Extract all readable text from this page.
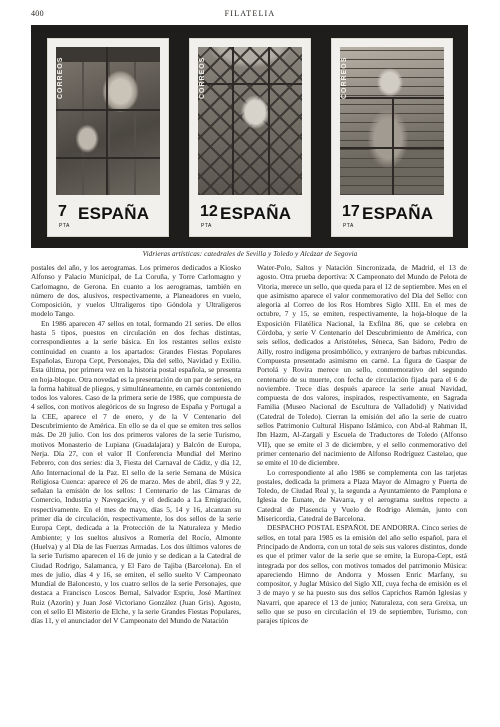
400	FILATELIA
CORREOS
7
PTA
ESPAÑA
CORREOS
12
PTA
ESPAÑA
CORREOS
17
PTA
ESPAÑA
Vidrieras artísticas: catedrales de Sevilla y Toledo y Alcázar de Segovia

postales del año, y los aerogramas. Los primeros dedicados a Kiosko Alfonso y Palacio Municipal, de La Coruña, y Torre Carlomagno y Carlomagno, de Gerona. En cuanto a los aerogramas, también en número de dos, alusivos, respectivamente, a Planeadores en vuelo, Composición, y vuelos Ultraligeros tipo Góndola y Ultraligeros modelo Tango.

En 1986 aparecen 47 sellos en total, formando 21 series. De ellos hasta 5 tipos, puestos en circulación en dos fechas distintas, correspondientes a la serie básica. En los restantes sellos existe continuidad en cuanto a los apartados: Grandes Fiestas Populares Españolas, Europa Cept, Personajes, Día del sello, Navidad y Exilio. Esta última, por primera vez en la historia postal española, se presenta en hoja-bloque. Otra novedad es la presentación de un par de series, en la forma habitual de pliegos, y simultáneamente, en carnés conteniendo todos los valores. Caso de la primera serie de 1986, que compuesta de 4 sellos, con motivos alegóricos de su Ingreso de España y Portugal a la CEE, aparece el 7 de enero, y de la V Centenario del Descubrimiento de América. En ello se da el que se emiten tres sellos más. De 20 julio. Con los dos primeros valores de la serie Turismo, motivos Monasterio de Lupiana (Guadalajara) y Balcón de Europa, Nerja. Día 27, con el valor II Conferencia Mundial del Merino Febrero, con dos series: día 3, Fiesta del Carnaval de Cádiz, y día 12, Año Internacional de la Paz. El sello de la serie Semana de Música Religiosa Cuenca: aparece el 26 de marzo. Mes de abril, días 9 y 22, señalan la emisión de los sellos: I Centenario de las Cámaras de Comercio, Industria y Navegación, y el dedicado a La Emigración, respectivamente. En el mes de mayo, días 5, 14 y 16, alcanzan su primer día de circulación, respectivamente, los dos sellos de la serie Europa Cept, dedicada a la Protección de la Naturaleza y Medio Ambiente; y los sueltos alusivos a Romería del Rocío, Almonte (Huelva) y al Día de las Fuerzas Armadas. Los dos últimos valores de la serie Turismo aparecen el 16 de junio y se dedican a la Catedral de Ciudad Rodrigo, Salamanca, y El Faro de Tajiba (Barcelona). En el mes de julio, días 4 y 16, se emiten, el sello suelto V Campeonato Mundial de Baloncesto, y los cuatro sellos de la serie Personajes, que destaca a Francisco Loscos Bernal, Salvador Espriu, José Martínez Ruiz (Azorín) y Juan José Victoriano González (Juan Gris). Agosto, con el sello El Misterio de Elche, y la serie Grandes Fiestas Populares, días 11, y el anunciador del V Campeonato del Mundo de Natación

Water-Polo, Saltos y Natación Sincronizada, de Madrid, el 13 de agosto. Otra prueba deportiva: X Campeonato del Mundo de Pelota de Vitoria, merece un sello, que queda para el 12 de septiembre. Mes en el que asimismo aparece el valor conmemorativo del Día del Sello: con alegoría al Correo de los Ros Hombres Siglo XIII. En el mes de octubre, 7 y 15, se emiten, respectivamente, la hoja-bloque de la Exposición Filatélica Nacional, la Exfilna 86, que se celebra en Córdoba, y serie V Centenario del Descubrimiento de América, con seis sellos, dedicados a Aristóteles, Séneca, San Isidoro, Pedro de Ailly, rostro indígena prosimbólico, y extranjero de barbas rubicundas. Compuesta presentado asimismo en carné. La figura de Gaspar de Portolá y Rovira merece un sello, conmemorativo del segundo centenario de su muerte, con fecha de circulación fijada para el 6 de noviembre. Trece días después aparece la serie anual Navidad, compuesta de dos valores, inspirados, respectivamente, en Sagrada Familia (Museo Nacional de Escultura de Valladolid) y Natividad (Catedral de Toledo). Cierran la emisión del año la serie de cuatro sellos Patrimonio Cultural Hispano Islámico, con Abd-al Rahman II, Ibn Hazm, Al-Zargali y Escuela de Traductores de Toledo (Alfonso VII), que se emite el 3 de diciembre, y el sello conmemorativo del primer centenario del nacimiento de Alfonso Rodríguez Castelao, que se emite el 10 de diciembre.

Lo correspondiente al año 1986 se complementa con las tarjetas postales, dedicada la primera a Plaza Mayor de Almagro y Puerta de Toledo, de Ciudad Real y, la segunda a Ayuntamiento de Pamplona e Iglesia de Eunate, de Navarra, y el aerograma sueltos repecto a Catedral de Plasencia y Vuelo de Rodrigo Alemán, junto con Misericordia, Catedral de Barcelona.

DESPACHO POSTAL ESPAÑOL DE ANDORRA. Cinco series de sellos, en total para 1985 es la emisión del año sello español, para el Principado de Andorra, con un total de seis sus valores distintos, donde es que el primer valor de la serie que se emite, la Europa-Cept, está integrada por dos sellos, con motivos tomados del patrimonio Música: apareciendo Himno de Andorra y Mossen Enric Marfany, su compositor, y Juglar Músico del Siglo XII, cuya fecha de emisión es el 3 de mayo y se ha puesto sus dos sellos Caprichos Ramón Iglesias y Navarri, que aparece el 13 de junio; Naturaleza, con sera Greixa, un sello que se puso en circulación el 19 de septiembre, Turismo, con parajes típicos de
